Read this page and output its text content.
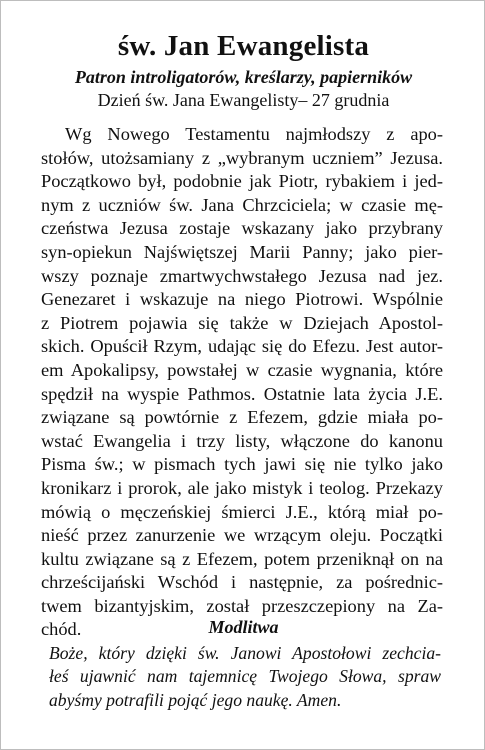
św. Jan Ewangelista
Patron introligatorów, kreślarzy, papierników
Dzień św. Jana Ewangelisty– 27 grudnia
Wg Nowego Testamentu najmłodszy z apo-
stołów, utożsamiany z „wybranym uczniem” Jezusa.
Początkowo był, podobnie jak Piotr, rybakiem i jed-
nym z uczniów św. Jana Chrzciciela; w czasie mę-
czeństwa Jezusa zostaje wskazany jako przybrany
syn-opiekun Najświętszej Marii Panny; jako pier-
wszy poznaje zmartwychwstałego Jezusa nad jez.
Genezaret i wskazuje na niego Piotrowi. Wspólnie
z Piotrem pojawia się także w Dziejach Apostol-
skich. Opuścił Rzym, udając się do Efezu. Jest autor-
em Apokalipsy, powstałej w czasie wygnania, które
spędził na wyspie Pathmos. Ostatnie lata życia J.E.
związane są powtórnie z Efezem, gdzie miała po-
wstać Ewangelia i trzy listy, włączone do kanonu
Pisma św.; w pismach tych jawi się nie tylko jako
kronikarz i prorok, ale jako mistyk i teolog. Przekazy
mówią o męczeńskiej śmierci J.E., którą miał po-
nieść przez zanurzenie we wrzącym oleju. Początki
kultu związane są z Efezem, potem przeniknął on na
chrześcijański Wschód i następnie, za pośrednic-
twem bizantyjskim, został przeszczepiony na Za-
chód.	Modlitwa
Boże, który dzięki św. Janowi Apostołowi zechcia-
łeś ujawnić nam tajemnicę Twojego Słowa, spraw
abyśmy potrafili pojąć jego naukę. Amen.
